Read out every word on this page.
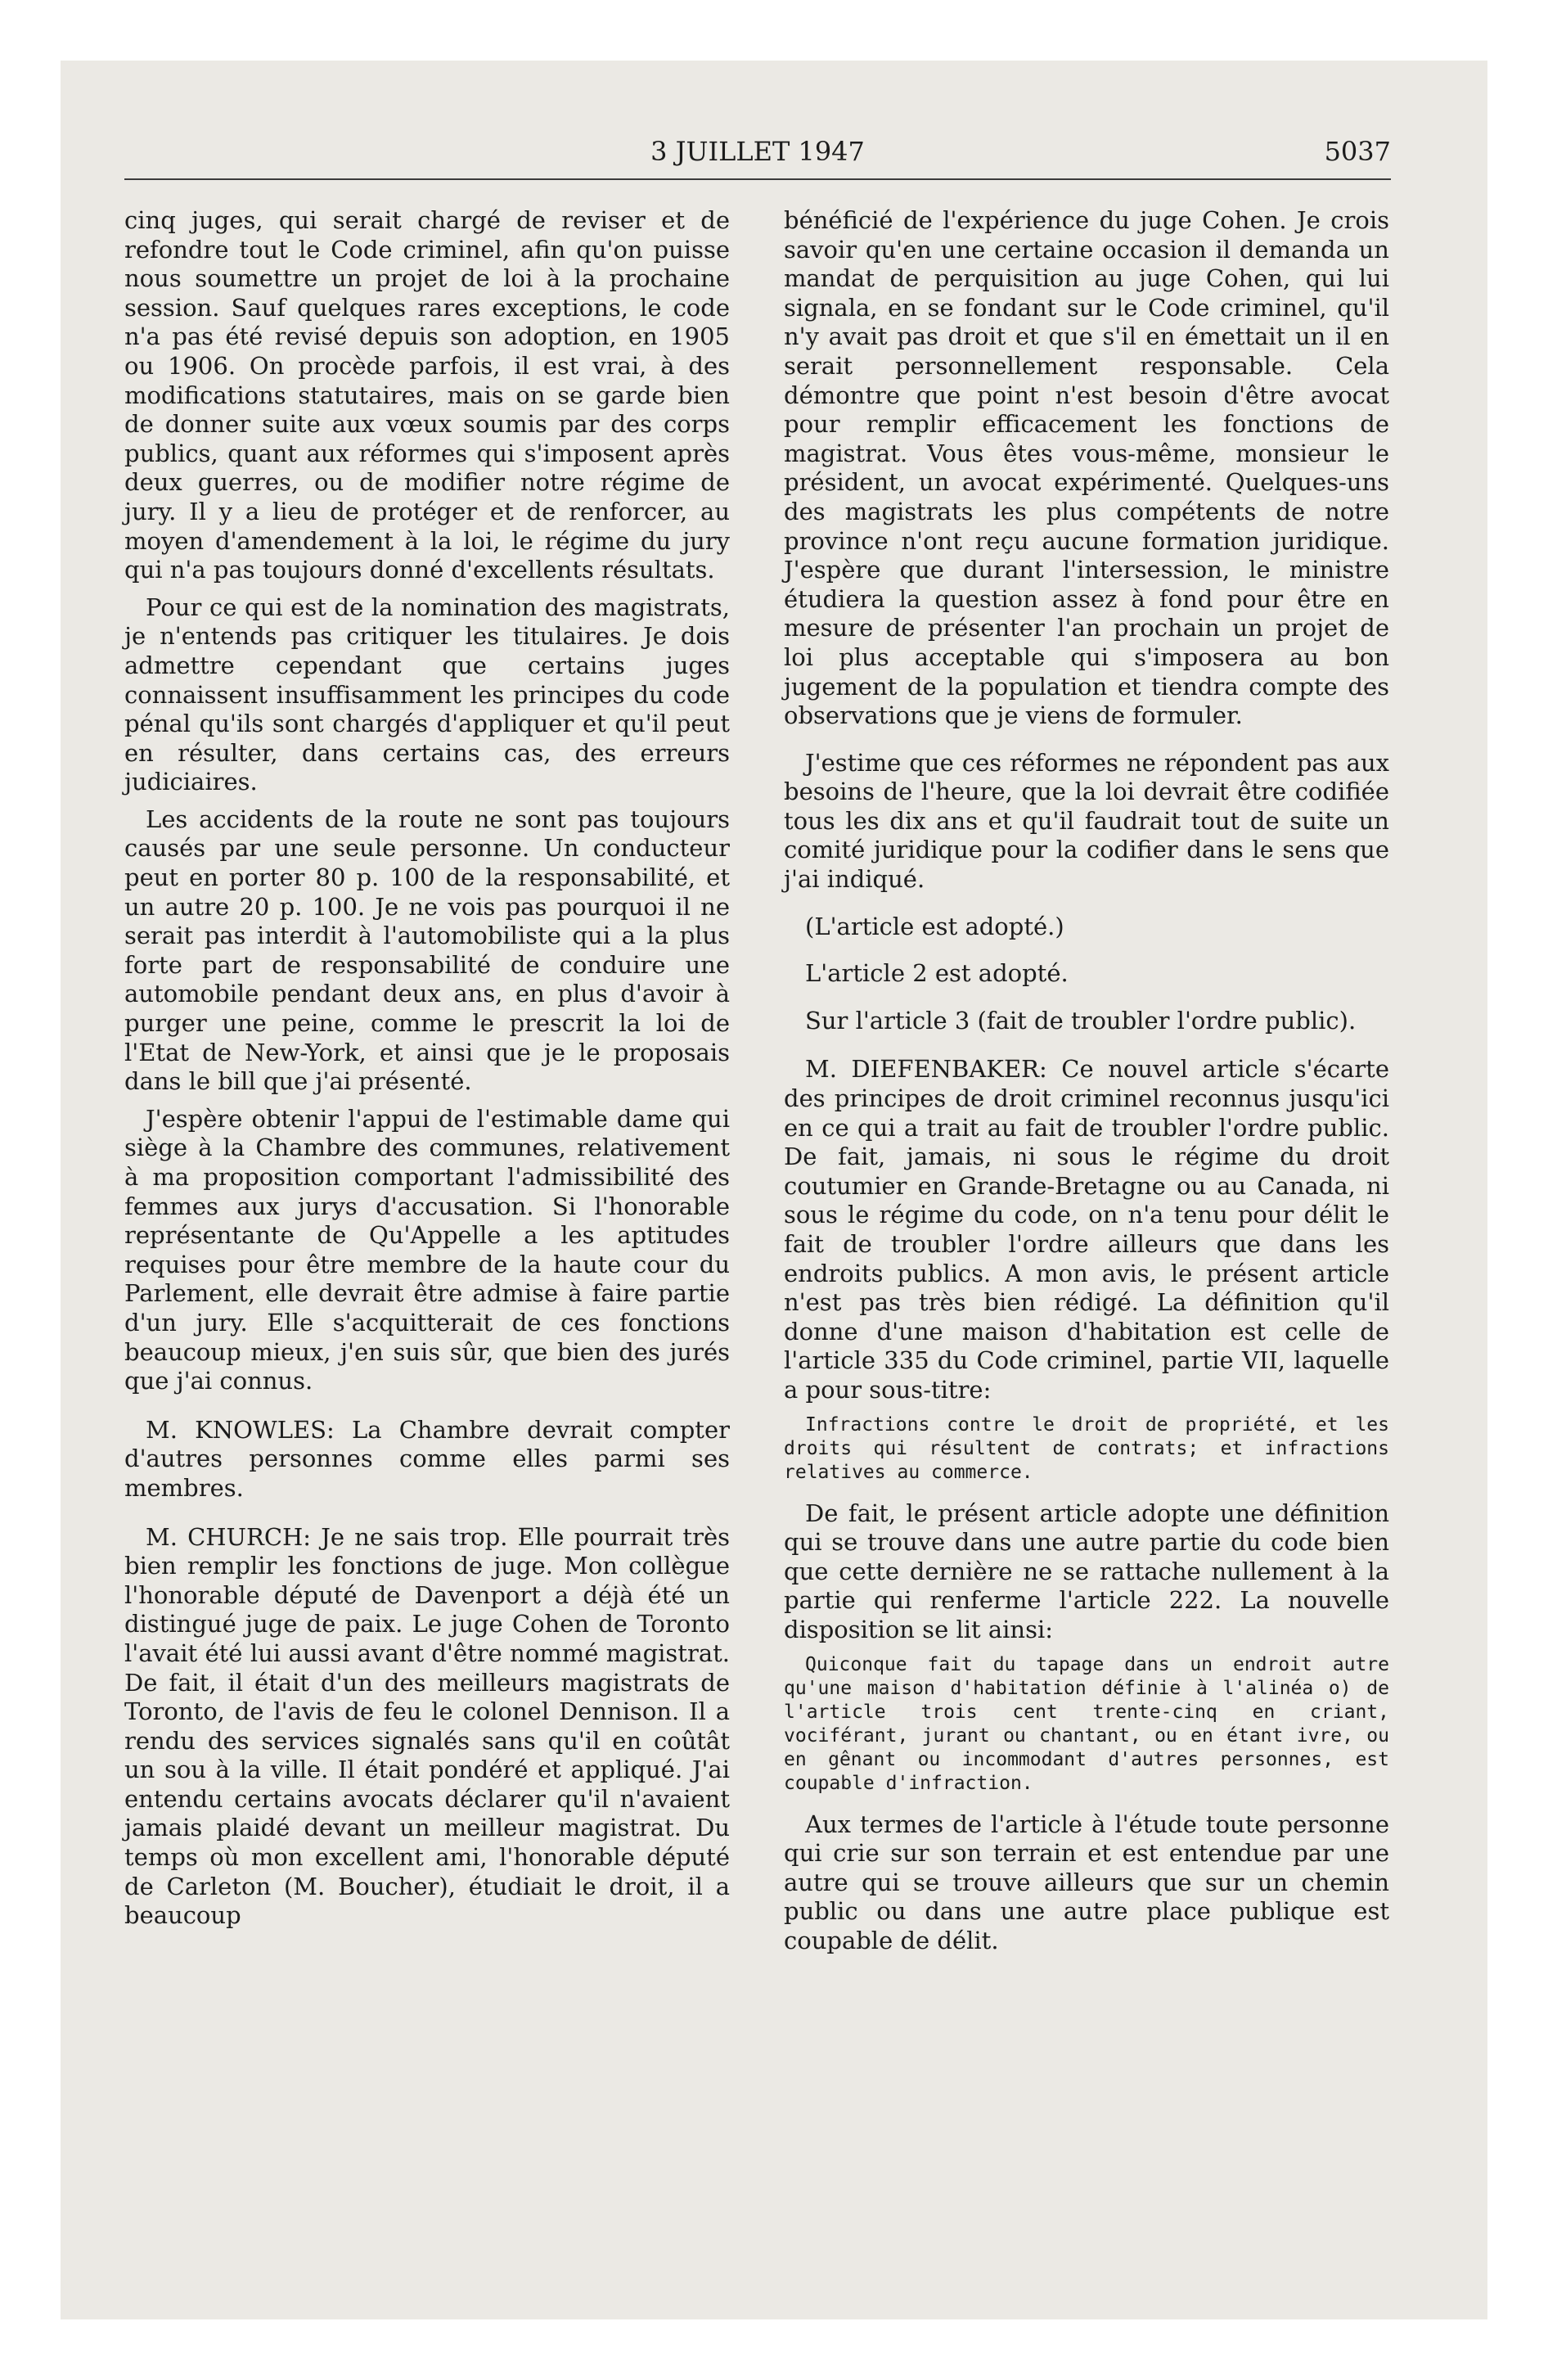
3 JUILLET 1947	5037

cinq juges, qui serait chargé de reviser et de refondre tout le Code criminel, afin qu'on puisse nous soumettre un projet de loi à la prochaine session. Sauf quelques rares exceptions, le code n'a pas été revisé depuis son adoption, en 1905 ou 1906. On procède parfois, il est vrai, à des modifications statutaires, mais on se garde bien de donner suite aux vœux soumis par des corps publics, quant aux réformes qui s'imposent après deux guerres, ou de modifier notre régime de jury. Il y a lieu de protéger et de renforcer, au moyen d'amendement à la loi, le régime du jury qui n'a pas toujours donné d'excellents résultats.

Pour ce qui est de la nomination des magistrats, je n'entends pas critiquer les titulaires. Je dois admettre cependant que certains juges connaissent insuffisamment les principes du code pénal qu'ils sont chargés d'appliquer et qu'il peut en résulter, dans certains cas, des erreurs judiciaires.

Les accidents de la route ne sont pas toujours causés par une seule personne. Un conducteur peut en porter 80 p. 100 de la responsabilité, et un autre 20 p. 100. Je ne vois pas pourquoi il ne serait pas interdit à l'automobiliste qui a la plus forte part de responsabilité de conduire une automobile pendant deux ans, en plus d'avoir à purger une peine, comme le prescrit la loi de l'Etat de New-York, et ainsi que je le proposais dans le bill que j'ai présenté.

J'espère obtenir l'appui de l'estimable dame qui siège à la Chambre des communes, relativement à ma proposition comportant l'admissibilité des femmes aux jurys d'accusation. Si l'honorable représentante de Qu'Appelle a les aptitudes requises pour être membre de la haute cour du Parlement, elle devrait être admise à faire partie d'un jury. Elle s'acquitterait de ces fonctions beaucoup mieux, j'en suis sûr, que bien des jurés que j'ai connus.

M. KNOWLES: La Chambre devrait compter d'autres personnes comme elles parmi ses membres.

M. CHURCH: Je ne sais trop. Elle pourrait très bien remplir les fonctions de juge. Mon collègue l'honorable député de Davenport a déjà été un distingué juge de paix. Le juge Cohen de Toronto l'avait été lui aussi avant d'être nommé magistrat. De fait, il était d'un des meilleurs magistrats de Toronto, de l'avis de feu le colonel Dennison. Il a rendu des services signalés sans qu'il en coûtât un sou à la ville. Il était pondéré et appliqué. J'ai entendu certains avocats déclarer qu'il n'avaient jamais plaidé devant un meilleur magistrat. Du temps où mon excellent ami, l'honorable député de Carleton (M. Boucher), étudiait le droit, il a beaucoup

bénéficié de l'expérience du juge Cohen. Je crois savoir qu'en une certaine occasion il demanda un mandat de perquisition au juge Cohen, qui lui signala, en se fondant sur le Code criminel, qu'il n'y avait pas droit et que s'il en émettait un il en serait personnellement responsable. Cela démontre que point n'est besoin d'être avocat pour remplir efficacement les fonctions de magistrat. Vous êtes vous-même, monsieur le président, un avocat expérimenté. Quelques-uns des magistrats les plus compétents de notre province n'ont reçu aucune formation juridique. J'espère que durant l'intersession, le ministre étudiera la question assez à fond pour être en mesure de présenter l'an prochain un projet de loi plus acceptable qui s'imposera au bon jugement de la population et tiendra compte des observations que je viens de formuler.

J'estime que ces réformes ne répondent pas aux besoins de l'heure, que la loi devrait être codifiée tous les dix ans et qu'il faudrait tout de suite un comité juridique pour la codifier dans le sens que j'ai indiqué.

(L'article est adopté.)

L'article 2 est adopté.

Sur l'article 3 (fait de troubler l'ordre public).

M. DIEFENBAKER: Ce nouvel article s'écarte des principes de droit criminel reconnus jusqu'ici en ce qui a trait au fait de troubler l'ordre public. De fait, jamais, ni sous le régime du droit coutumier en Grande-Bretagne ou au Canada, ni sous le régime du code, on n'a tenu pour délit le fait de troubler l'ordre ailleurs que dans les endroits publics. A mon avis, le présent article n'est pas très bien rédigé. La définition qu'il donne d'une maison d'habitation est celle de l'article 335 du Code criminel, partie VII, laquelle a pour sous-titre:

Infractions contre le droit de propriété, et les droits qui résultent de contrats; et infractions relatives au commerce.

De fait, le présent article adopte une définition qui se trouve dans une autre partie du code bien que cette dernière ne se rattache nullement à la partie qui renferme l'article 222. La nouvelle disposition se lit ainsi:

Quiconque fait du tapage dans un endroit autre qu'une maison d'habitation définie à l'alinéa o) de l'article trois cent trente-cinq en criant, vociférant, jurant ou chantant, ou en étant ivre, ou en gênant ou incommodant d'autres personnes, est coupable d'infraction.

Aux termes de l'article à l'étude toute personne qui crie sur son terrain et est entendue par une autre qui se trouve ailleurs que sur un chemin public ou dans une autre place publique est coupable de délit.
